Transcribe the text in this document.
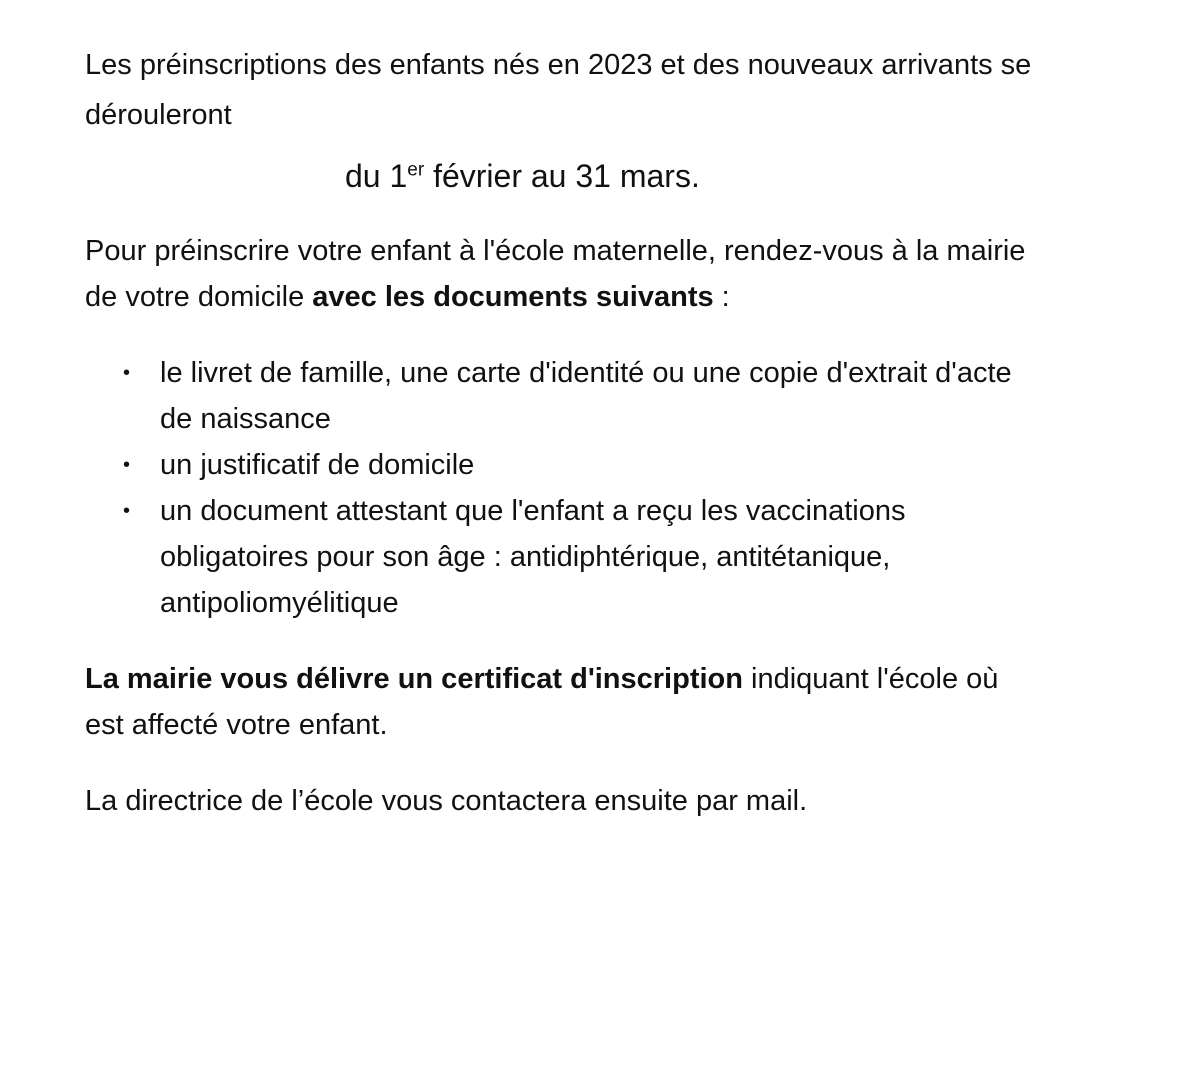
Les préinscriptions des enfants nés en 2023 et des nouveaux arrivants se dérouleront

du 1er février au 31 mars.

Pour préinscrire votre enfant à l'école maternelle, rendez-vous à la mairie de votre domicile avec les documents suivants :

• le livret de famille, une carte d'identité ou une copie d'extrait d'acte de naissance
• un justificatif de domicile
• un document attestant que l'enfant a reçu les vaccinations obligatoires pour son âge : antidiphtérique, antitétanique, antipoliomyélitique

La mairie vous délivre un certificat d'inscription indiquant l'école où est affecté votre enfant.

La directrice de l’école vous contactera ensuite par mail.
